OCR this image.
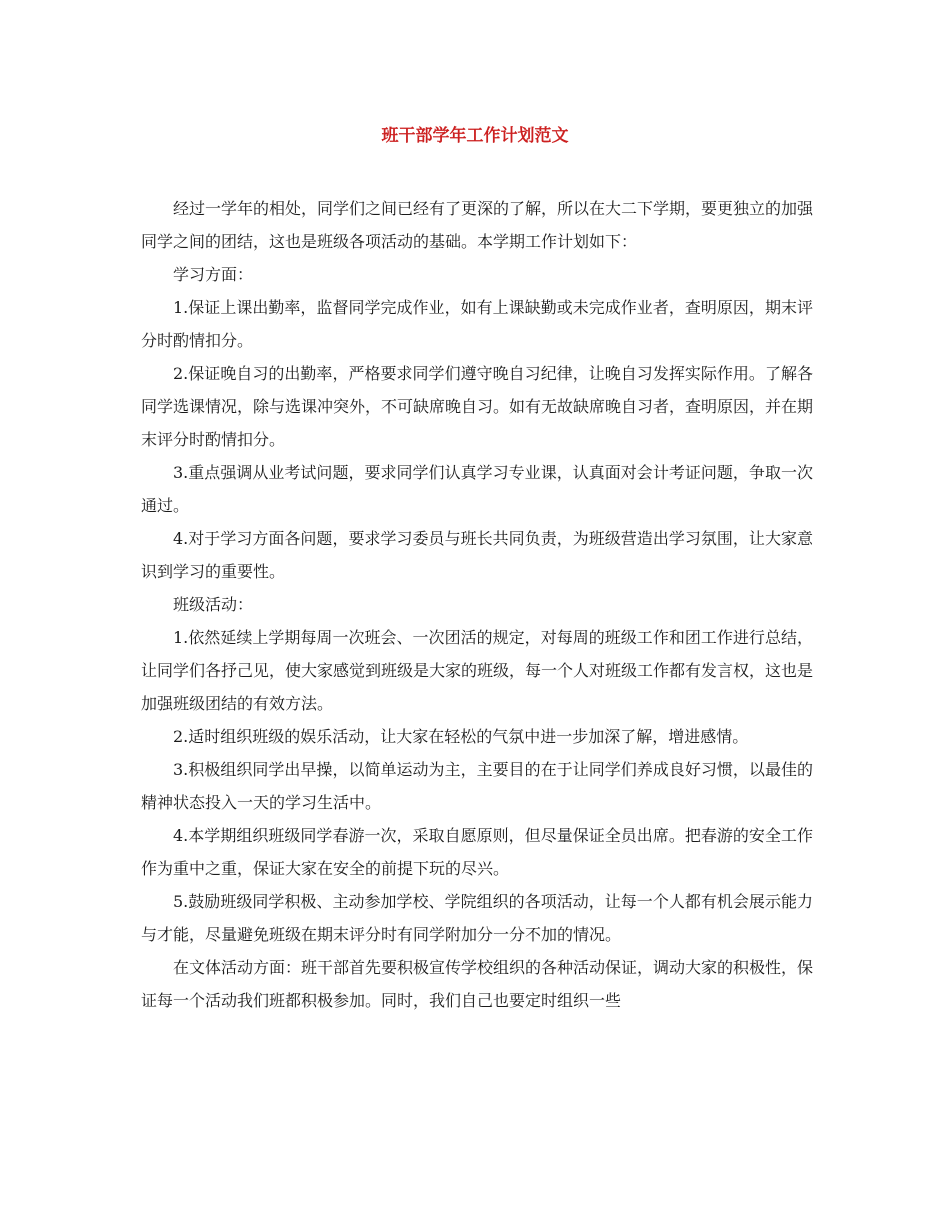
班干部学年工作计划范文

经过一学年的相处，同学们之间已经有了更深的了解，所以在大二下学期，要更独立的加强同学之间的团结，这也是班级各项活动的基础。本学期工作计划如下：

学习方面：

1.保证上课出勤率，监督同学完成作业，如有上课缺勤或未完成作业者，查明原因，期末评分时酌情扣分。

2.保证晚自习的出勤率，严格要求同学们遵守晚自习纪律，让晚自习发挥实际作用。了解各同学选课情况，除与选课冲突外，不可缺席晚自习。如有无故缺席晚自习者，查明原因，并在期末评分时酌情扣分。

3.重点强调从业考试问题，要求同学们认真学习专业课，认真面对会计考证问题，争取一次通过。

4.对于学习方面各问题，要求学习委员与班长共同负责，为班级营造出学习氛围，让大家意识到学习的重要性。

班级活动：

1.依然延续上学期每周一次班会、一次团活的规定，对每周的班级工作和团工作进行总结，让同学们各抒己见，使大家感觉到班级是大家的班级，每一个人对班级工作都有发言权，这也是加强班级团结的有效方法。

2.适时组织班级的娱乐活动，让大家在轻松的气氛中进一步加深了解，增进感情。

3.积极组织同学出早操，以简单运动为主，主要目的在于让同学们养成良好习惯，以最佳的精神状态投入一天的学习生活中。

4.本学期组织班级同学春游一次，采取自愿原则，但尽量保证全员出席。把春游的安全工作作为重中之重，保证大家在安全的前提下玩的尽兴。

5.鼓励班级同学积极、主动参加学校、学院组织的各项活动，让每一个人都有机会展示能力与才能，尽量避免班级在期末评分时有同学附加分一分不加的情况。

在文体活动方面：班干部首先要积极宣传学校组织的各种活动保证，调动大家的积极性，保证每一个活动我们班都积极参加。同时，我们自己也要定时组织一些
